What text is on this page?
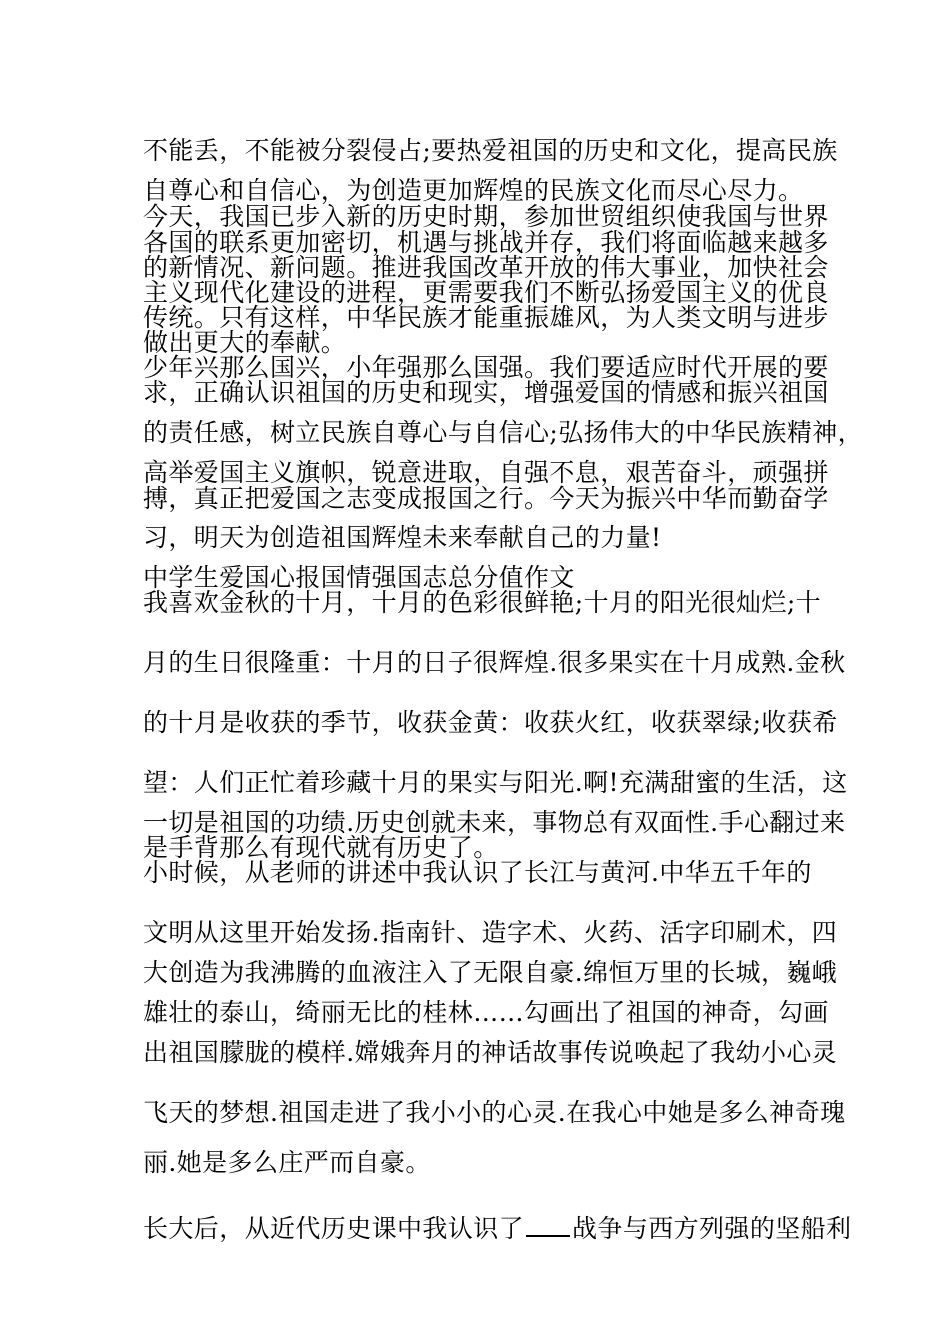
不能丢，不能被分裂侵占;要热爱祖国的历史和文化，提高民族
自尊心和自信心，为创造更加辉煌的民族文化而尽心尽力。
今天，我国已步入新的历史时期，参加世贸组织使我国与世界
各国的联系更加密切，机遇与挑战并存，我们将面临越来越多
的新情况、新问题。推进我国改革开放的伟大事业，加快社会
主义现代化建设的进程，更需要我们不断弘扬爱国主义的优良
传统。只有这样，中华民族才能重振雄风，为人类文明与进步
做出更大的奉献。
少年兴那么国兴，小年强那么国强。我们要适应时代开展的要
求，正确认识祖国的历史和现实，增强爱国的情感和振兴祖国
的责任感，树立民族自尊心与自信心;弘扬伟大的中华民族精神，
高举爱国主义旗帜，锐意进取，自强不息，艰苦奋斗，顽强拼
搏，真正把爱国之志变成报国之行。今天为振兴中华而勤奋学
习，明天为创造祖国辉煌未来奉献自己的力量!
中学生爱国心报国情强国志总分值作文
我喜欢金秋的十月，十月的色彩很鲜艳;十月的阳光很灿烂;十
月的生日很隆重：十月的日子很辉煌.很多果实在十月成熟.金秋
的十月是收获的季节，收获金黄：收获火红，收获翠绿;收获希
望：人们正忙着珍藏十月的果实与阳光.啊!充满甜蜜的生活，这
一切是祖国的功绩.历史创就未来，事物总有双面性.手心翻过来
是手背那么有现代就有历史了。
小时候，从老师的讲述中我认识了长江与黄河.中华五千年的
文明从这里开始发扬.指南针、造字术、火药、活字印刷术，四
大创造为我沸腾的血液注入了无限自豪.绵恒万里的长城，巍峨
雄壮的泰山，绮丽无比的桂林……勾画出了祖国的神奇，勾画
出祖国朦胧的模样.嫦娥奔月的神话故事传说唤起了我幼小心灵
飞天的梦想.祖国走进了我小小的心灵.在我心中她是多么神奇瑰
丽.她是多么庄严而自豪。
长大后，从近代历史课中我认识了 战争与西方列强的坚船利
